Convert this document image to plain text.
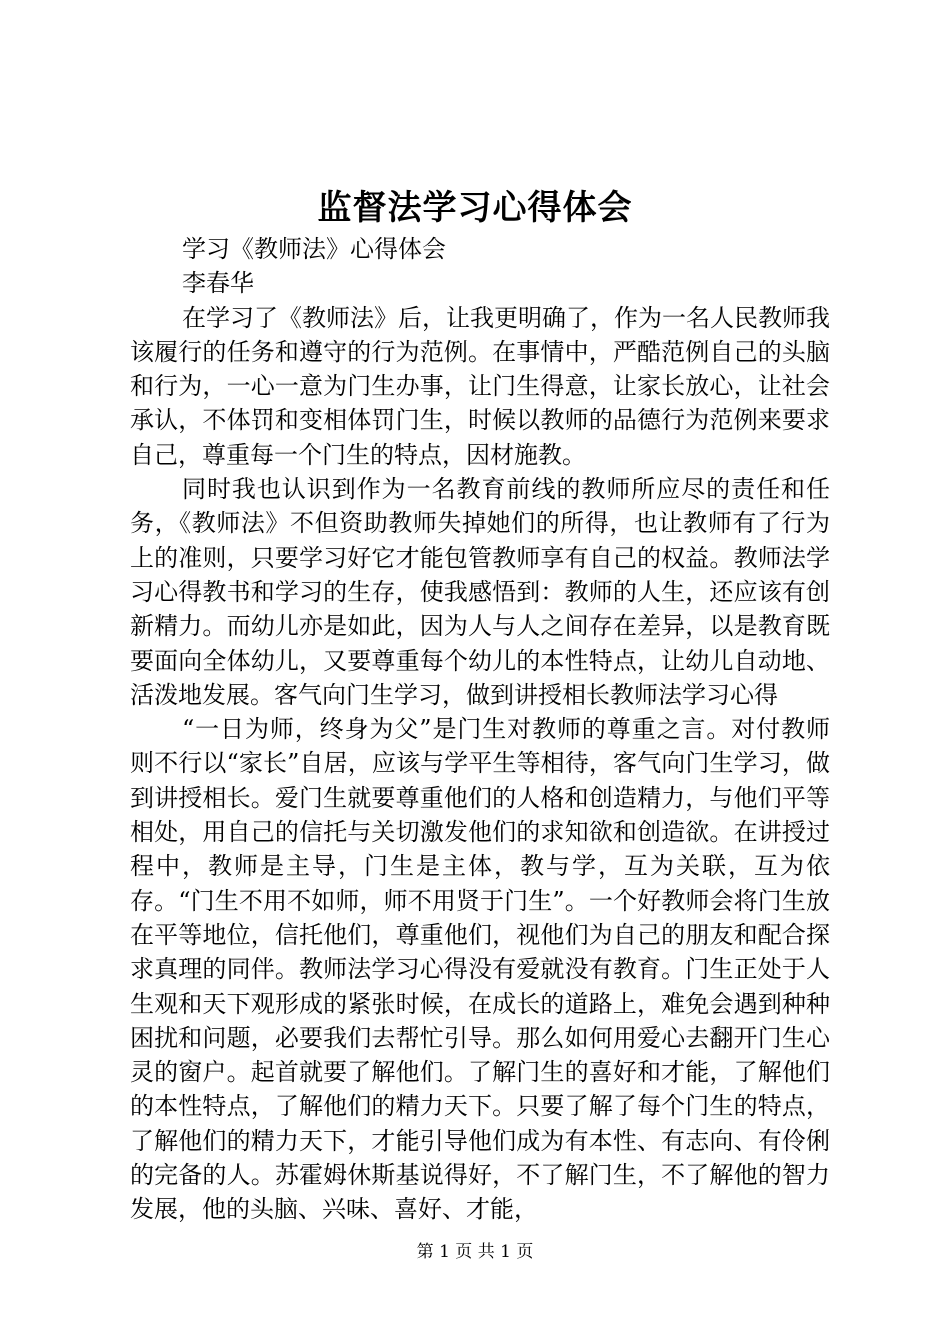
监督法学习心得体会

学习《教师法》心得体会

李春华

在学习了《教师法》后，让我更明确了，作为一名人民教师我该履行的任务和遵守的行为范例。在事情中，严酷范例自己的头脑和行为，一心一意为门生办事，让门生得意，让家长放心，让社会承认，不体罚和变相体罚门生，时候以教师的品德行为范例来要求自己，尊重每一个门生的特点，因材施教。

同时我也认识到作为一名教育前线的教师所应尽的责任和任务，《教师法》不但资助教师失掉她们的所得，也让教师有了行为上的准则，只要学习好它才能包管教师享有自己的权益。教师法学习心得教书和学习的生存，使我感悟到：教师的人生，还应该有创新精力。而幼儿亦是如此，因为人与人之间存在差异，以是教育既要面向全体幼儿，又要尊重每个幼儿的本性特点，让幼儿自动地、活泼地发展。客气向门生学习，做到讲授相长教师法学习心得

“一日为师，终身为父”是门生对教师的尊重之言。对付教师则不行以“家长”自居，应该与学平生等相待，客气向门生学习，做到讲授相长。爱门生就要尊重他们的人格和创造精力，与他们平等相处，用自己的信托与关切激发他们的求知欲和创造欲。在讲授过程中，教师是主导，门生是主体，教与学，互为关联，互为依存。“门生不用不如师，师不用贤于门生”。一个好教师会将门生放在平等地位，信托他们，尊重他们，视他们为自己的朋友和配合探求真理的同伴。教师法学习心得没有爱就没有教育。门生正处于人生观和天下观形成的紧张时候，在成长的道路上，难免会遇到种种困扰和问题，必要我们去帮忙引导。那么如何用爱心去翻开门生心灵的窗户。起首就要了解他们。了解门生的喜好和才能，了解他们的本性特点，了解他们的精力天下。只要了解了每个门生的特点，了解他们的精力天下，才能引导他们成为有本性、有志向、有伶俐的完备的人。苏霍姆休斯基说得好，不了解门生，不了解他的智力发展，他的头脑、兴味、喜好、才能，

第 1 页 共 1 页
